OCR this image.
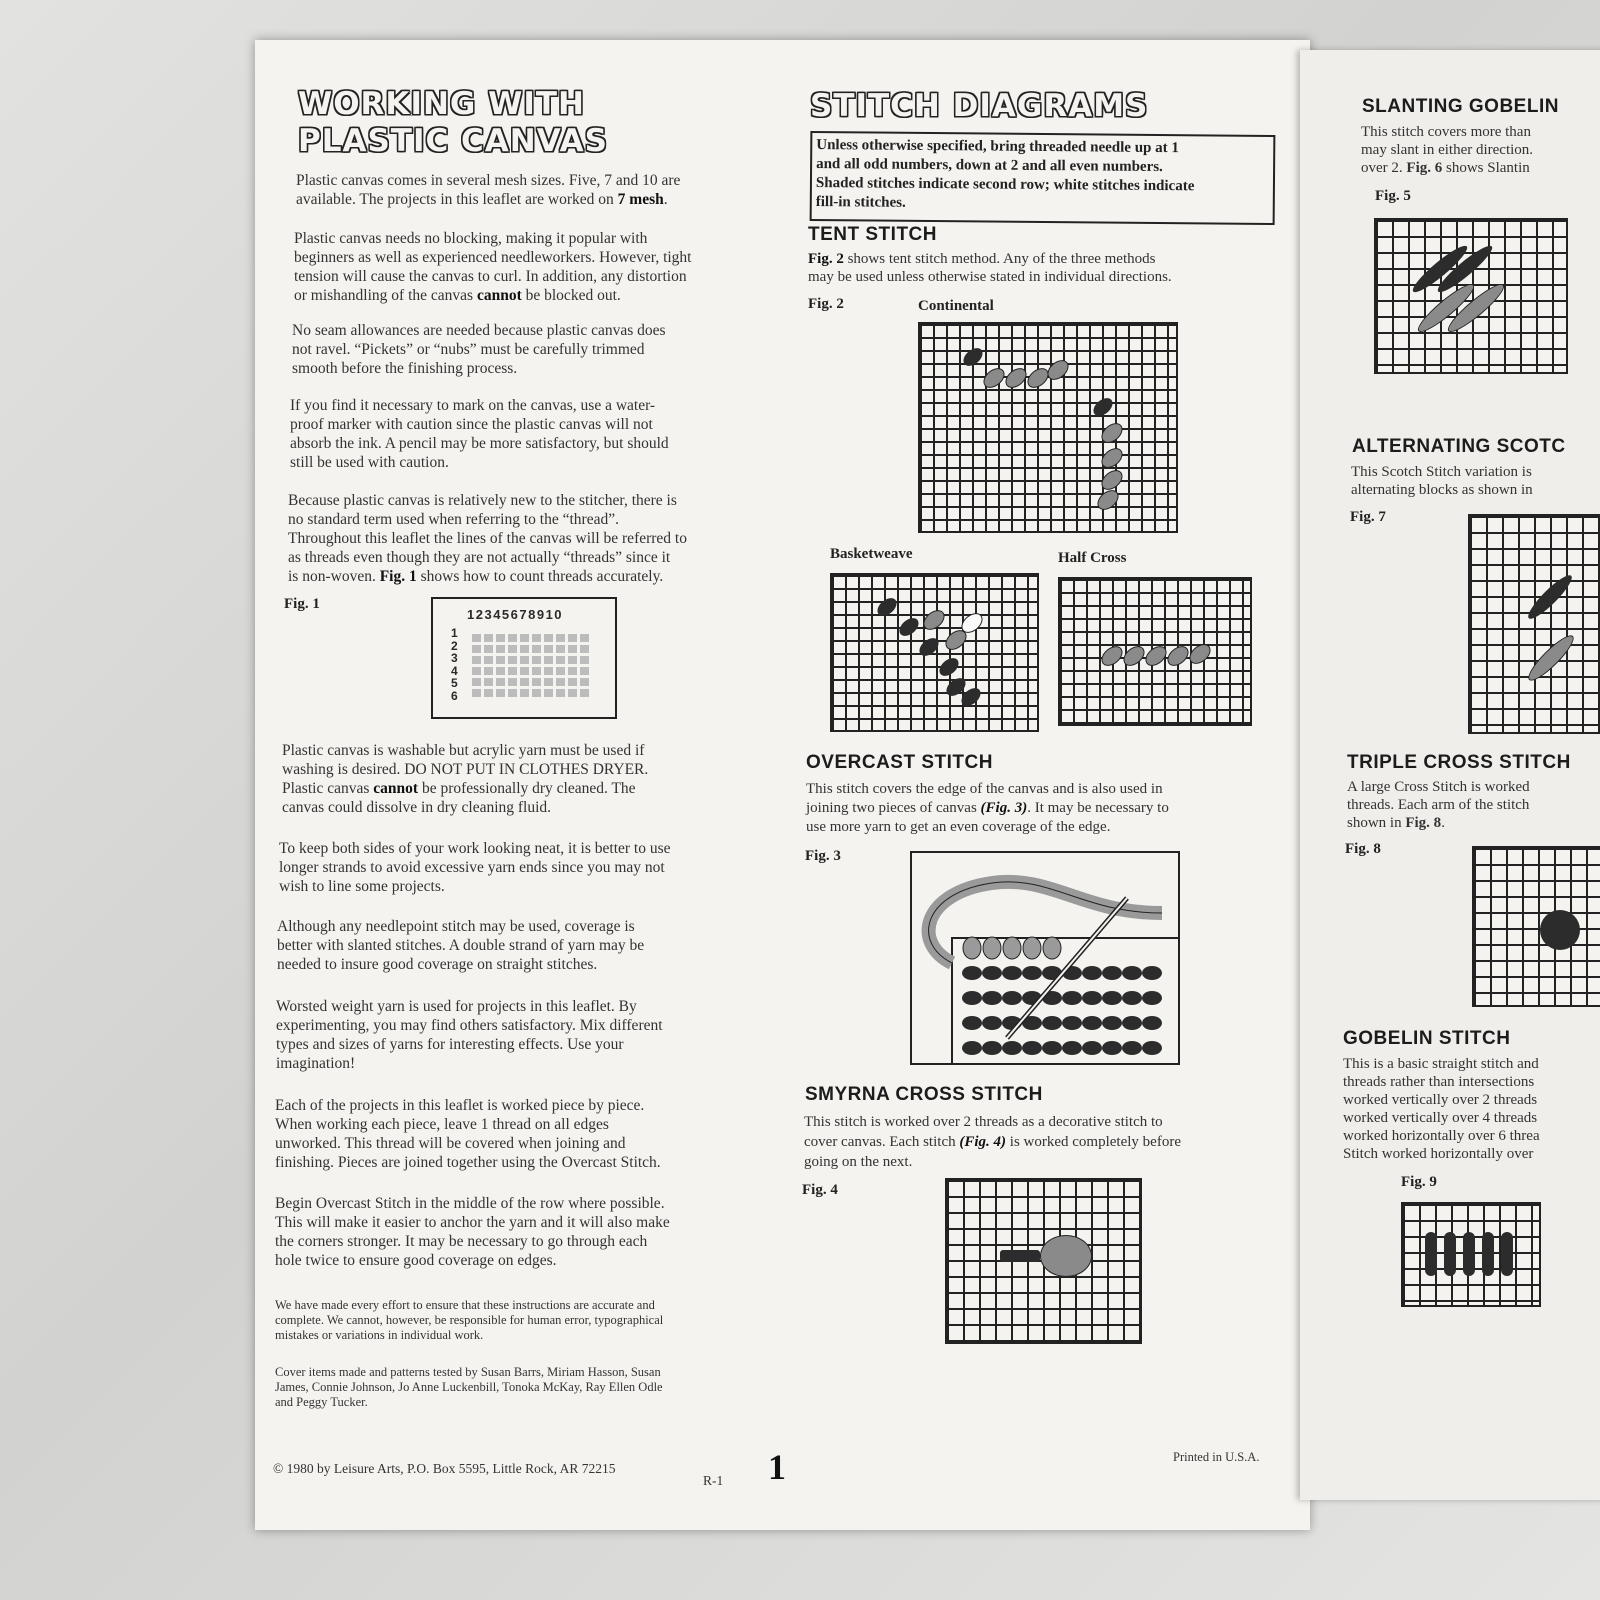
WORKING WITH
PLASTIC CANVAS
Plastic canvas comes in several mesh sizes. Five, 7 and 10 are
available. The projects in this leaflet are worked on 7 mesh.
Plastic canvas needs no blocking, making it popular with
beginners as well as experienced needleworkers. However, tight
tension will cause the canvas to curl. In addition, any distortion
or mishandling of the canvas cannot be blocked out.
No seam allowances are needed because plastic canvas does
not ravel. “Pickets” or “nubs” must be carefully trimmed
smooth before the finishing process.
If you find it necessary to mark on the canvas, use a water-
proof marker with caution since the plastic canvas will not
absorb the ink. A pencil may be more satisfactory, but should
still be used with caution.
Because plastic canvas is relatively new to the stitcher, there is
no standard term used when referring to the “thread”.
Throughout this leaflet the lines of the canvas will be referred to
as threads even though they are not actually “threads” since it
is non-woven. Fig. 1 shows how to count threads accurately.
Fig. 1
12345678910
1
2
3
4
5
6
Plastic canvas is washable but acrylic yarn must be used if
washing is desired. DO NOT PUT IN CLOTHES DRYER.
Plastic canvas cannot be professionally dry cleaned. The
canvas could dissolve in dry cleaning fluid.
To keep both sides of your work looking neat, it is better to use
longer strands to avoid excessive yarn ends since you may not
wish to line some projects.
Although any needlepoint stitch may be used, coverage is
better with slanted stitches. A double strand of yarn may be
needed to insure good coverage on straight stitches.
Worsted weight yarn is used for projects in this leaflet. By
experimenting, you may find others satisfactory. Mix different
types and sizes of yarns for interesting effects. Use your
imagination!
Each of the projects in this leaflet is worked piece by piece.
When working each piece, leave 1 thread on all edges
unworked. This thread will be covered when joining and
finishing. Pieces are joined together using the Overcast Stitch.
Begin Overcast Stitch in the middle of the row where possible.
This will make it easier to anchor the yarn and it will also make
the corners stronger. It may be necessary to go through each
hole twice to ensure good coverage on edges.
We have made every effort to ensure that these instructions are accurate and
complete. We cannot, however, be responsible for human error, typographical
mistakes or variations in individual work.
Cover items made and patterns tested by Susan Barrs, Miriam Hasson, Susan
James, Connie Johnson, Jo Anne Luckenbill, Tonoka McKay, Ray Ellen Odle
and Peggy Tucker.
© 1980 by Leisure Arts, P.O. Box 5595, Little Rock, AR 72215
R-1 1	Printed in U.S.A.
STITCH DIAGRAMS
Unless otherwise specified, bring threaded needle up at 1
and all odd numbers, down at 2 and all even numbers.
Shaded stitches indicate second row; white stitches indicate
fill-in stitches.
TENT STITCH
Fig. 2 shows tent stitch method. Any of the three methods
may be used unless otherwise stated in individual directions.
Fig. 2	Continental
Basketweave	Half Cross
OVERCAST STITCH
This stitch covers the edge of the canvas and is also used in
joining two pieces of canvas (Fig. 3). It may be necessary to
use more yarn to get an even coverage of the edge.
Fig. 3
SMYRNA CROSS STITCH
This stitch is worked over 2 threads as a decorative stitch to
cover canvas. Each stitch (Fig. 4) is worked completely before
going on the next.
Fig. 4
SLANTING GOBELIN
This stitch covers more than
may slant in either direction.
over 2. Fig. 6 shows Slantin
Fig. 5
ALTERNATING SCOTC
This Scotch Stitch variation is
alternating blocks as shown in
Fig. 7
TRIPLE CROSS STITCH
A large Cross Stitch is worked
threads. Each arm of the stitch
shown in Fig. 8.
Fig. 8
GOBELIN STITCH
This is a basic straight stitch and
threads rather than intersections
worked vertically over 2 threads
worked vertically over 4 threads
worked horizontally over 6 threa
Stitch worked horizontally over
Fig. 9
